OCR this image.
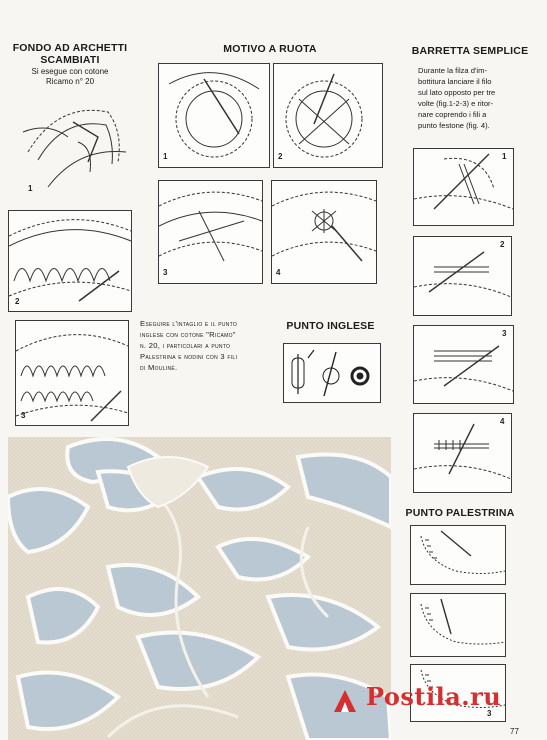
FONDO AD ARCHETTI
SCAMBIATI
Si esegue con cotone
Ricamo n° 20
1
2
3
MOTIVO A RUOTA
1	2
3	4
Eseguire l'intaglio e il punto
inglese con cotone "Ricamo"
n. 20, i particolari a punto
Palestrina e nodini con 3 fili
di Mouliné.
PUNTO INGLESE
BARRETTA SEMPLICE
Durante la filza d'im-
bottitura lanciare il filo
sul lato opposto per tre
volte (fig.1-2-3) e ritor-
nare coprendo i fili a
punto festone (fig. 4).
1
2
3
4
PUNTO PALESTRINA
3
Postila.ru
77
